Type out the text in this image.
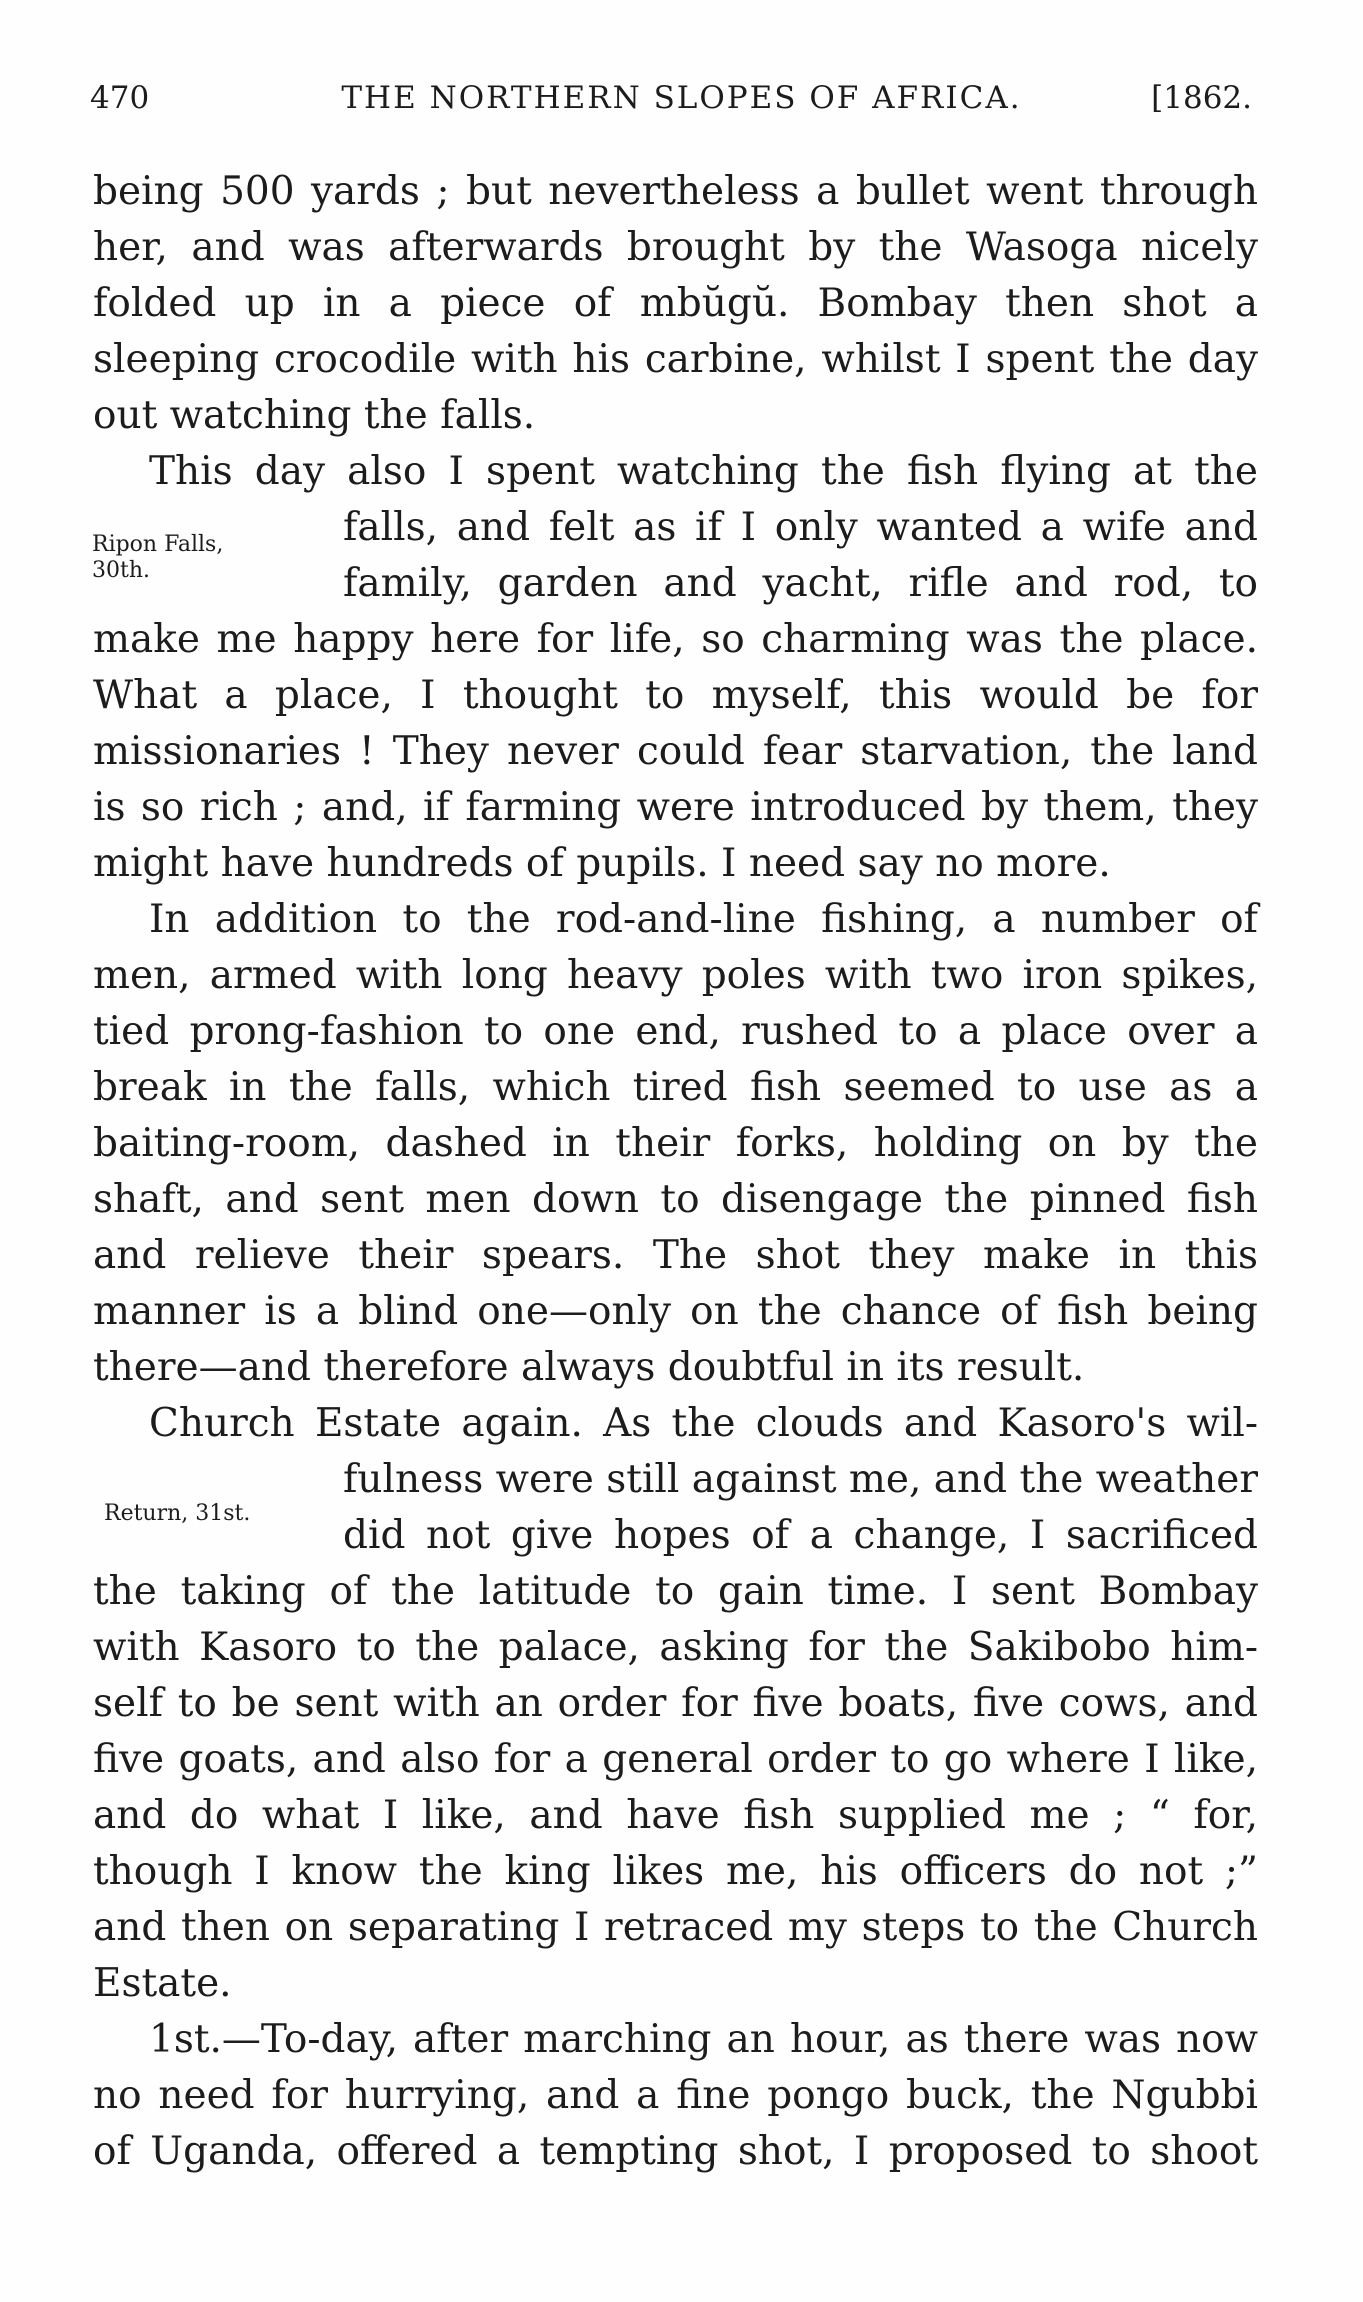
470	THE NORTHERN SLOPES OF AFRICA.	[1862.
Ripon Falls,
30th.
Return, 31st.
being 500 yards ; but nevertheless a bullet went through
her, and was afterwards brought by the Wasoga nicely
folded up in a piece of mbŭgŭ. Bombay then shot a
sleeping crocodile with his carbine, whilst I spent the day
out watching the falls.
This day also I spent watching the fish flying at the
falls, and felt as if I only wanted a wife and
family, garden and yacht, rifle and rod, to
make me happy here for life, so charming was the place.
What a place, I thought to myself, this would be for
missionaries ! They never could fear starvation, the land
is so rich ; and, if farming were introduced by them, they
might have hundreds of pupils. I need say no more.
In addition to the rod-and-line fishing, a number of
men, armed with long heavy poles with two iron spikes,
tied prong-fashion to one end, rushed to a place over a
break in the falls, which tired fish seemed to use as a
baiting-room, dashed in their forks, holding on by the
shaft, and sent men down to disengage the pinned fish
and relieve their spears. The shot they make in this
manner is a blind one—only on the chance of fish being
there—and therefore always doubtful in its result.
Church Estate again. As the clouds and Kasoro's wil-
fulness were still against me, and the weather
did not give hopes of a change, I sacrificed
the taking of the latitude to gain time. I sent Bombay
with Kasoro to the palace, asking for the Sakibobo him-
self to be sent with an order for five boats, five cows, and
five goats, and also for a general order to go where I like,
and do what I like, and have fish supplied me ; “ for,
though I know the king likes me, his officers do not ;”
and then on separating I retraced my steps to the Church
Estate.
1st.—To-day, after marching an hour, as there was now
no need for hurrying, and a fine pongo buck, the Ngubbi
of Uganda, offered a tempting shot, I proposed to shoot
